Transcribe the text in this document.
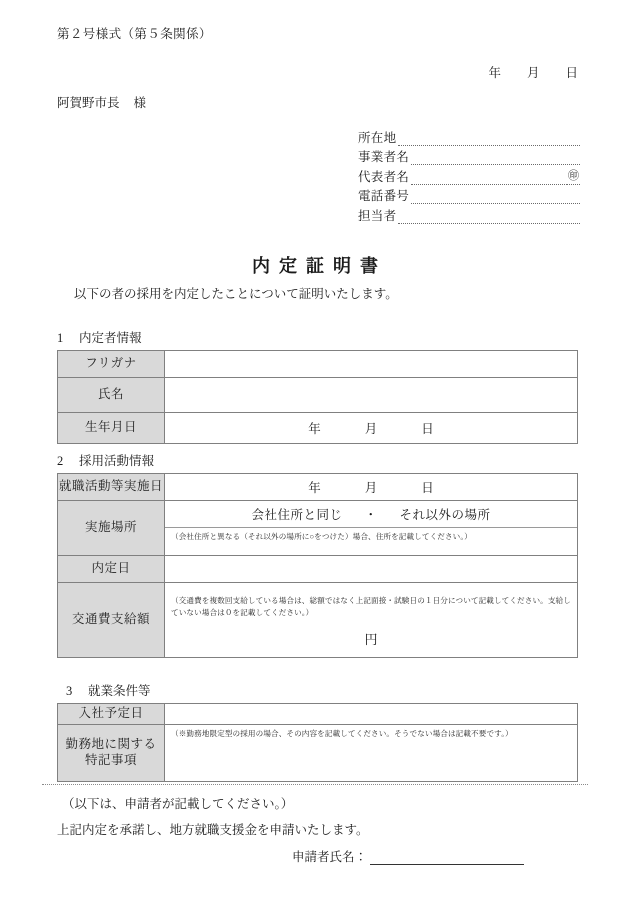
第２号様式（第５条関係）
年 月 日
阿賀野市長 様
所在地
事業者名
代表者名	㊞
電話番号
担当者
内定証明書
以下の者の採用を内定したことについて証明いたします。
1 内定者情報
フリガナ	
氏名	
生年月日	年 月 日
2 採用活動情報
就職活動等実施日	年 月 日
実施場所	会社住所と同じ ・ それ以外の場所
（会社住所と異なる（それ以外の場所に○をつけた）場合、住所を記載してください。）

内定日	
交通費支給額	（交通費を複数回支給している場合は、総額ではなく上記面接・試験日の１日分について記載してください。支給していない場合は０を記載してください。）
円
3 就業条件等
入社予定日	

勤務地に関する
特記事項	（※勤務地限定型の採用の場合、その内容を記載してください。そうでない場合は記載不要です。）
（以下は、申請者が記載してください。）
上記内定を承諾し、地方就職支援金を申請いたします。
申請者氏名：
